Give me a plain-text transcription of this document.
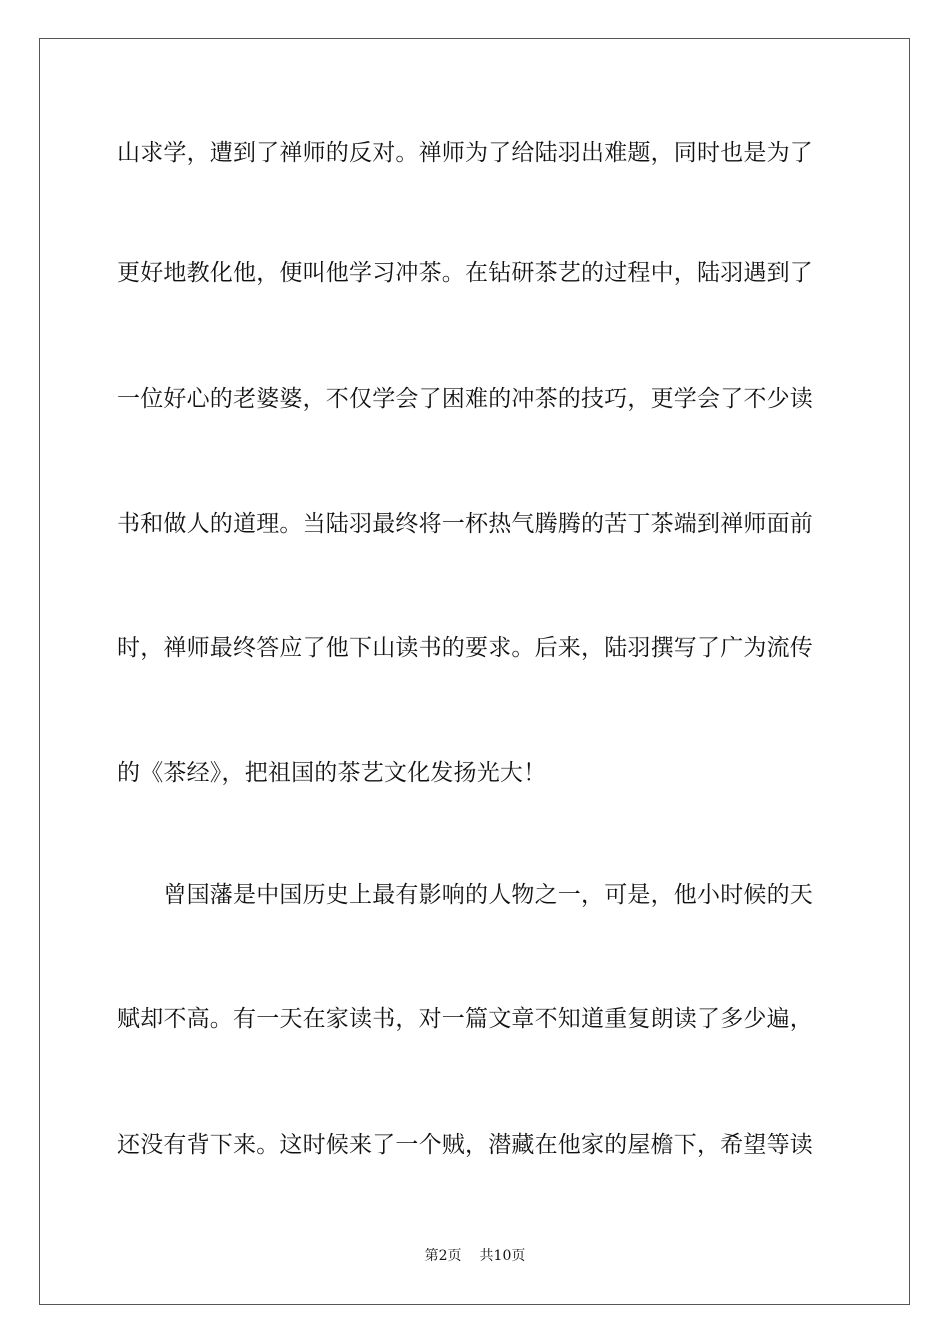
山求学，遭到了禅师的反对。禅师为了给陆羽出难题，同时也是为了
更好地教化他，便叫他学习冲茶。在钻研茶艺的过程中，陆羽遇到了
一位好心的老婆婆，不仅学会了困难的冲茶的技巧，更学会了不少读
书和做人的道理。当陆羽最终将一杯热气腾腾的苦丁茶端到禅师面前
时，禅师最终答应了他下山读书的要求。后来，陆羽撰写了广为流传
的《茶经》，把祖国的茶艺文化发扬光大！
　　曾国藩是中国历史上最有影响的人物之一，可是，他小时候的天
赋却不高。有一天在家读书，对一篇文章不知道重复朗读了多少遍，
还没有背下来。这时候来了一个贼，潜藏在他家的屋檐下，希望等读
第2页 共10页
